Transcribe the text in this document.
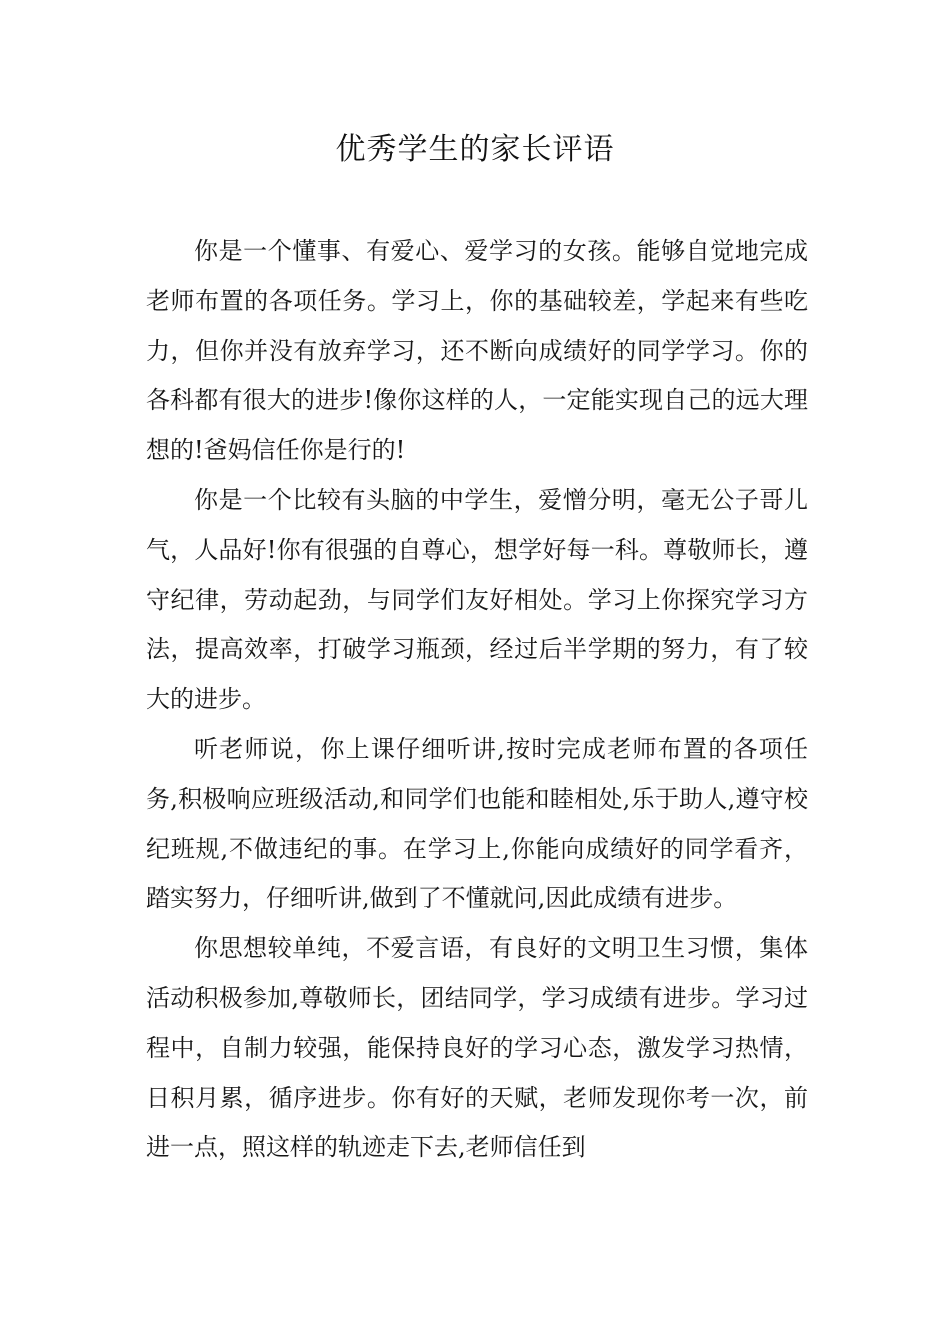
优秀学生的家长评语

你是一个懂事、有爱心、爱学习的女孩。能够自觉地完成老师布置的各项任务。学习上，你的基础较差，学起来有些吃力，但你并没有放弃学习，还不断向成绩好的同学学习。你的各科都有很大的进步!像你这样的人，一定能实现自己的远大理想的!爸妈信任你是行的!

你是一个比较有头脑的中学生，爱憎分明，毫无公子哥儿气，人品好!你有很强的自尊心，想学好每一科。尊敬师长，遵守纪律，劳动起劲，与同学们友好相处。学习上你探究学习方法，提高效率，打破学习瓶颈，经过后半学期的努力，有了较大的进步。

听老师说，你上课仔细听讲,按时完成老师布置的各项任务,积极响应班级活动,和同学们也能和睦相处,乐于助人,遵守校纪班规,不做违纪的事。在学习上,你能向成绩好的同学看齐，踏实努力，仔细听讲,做到了不懂就问,因此成绩有进步。

你思想较单纯，不爱言语，有良好的文明卫生习惯，集体活动积极参加,尊敬师长，团结同学，学习成绩有进步。学习过程中，自制力较强，能保持良好的学习心态，激发学习热情，日积月累，循序进步。你有好的天赋，老师发现你考一次，前进一点，照这样的轨迹走下去,老师信任到
